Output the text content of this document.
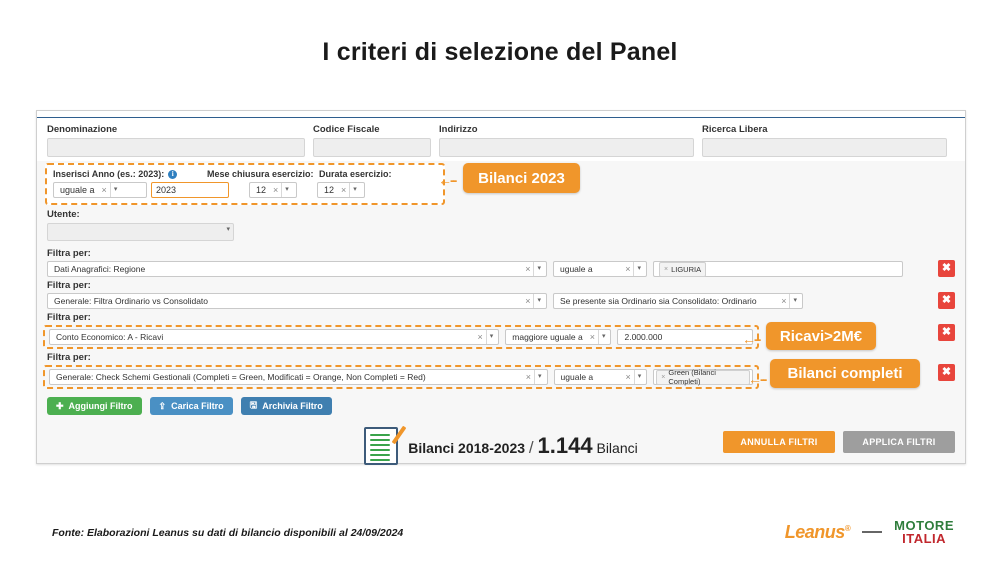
I criteri di selezione del Panel
Denominazione	Codice Fiscale	Indirizzo	Ricerca Libera
Inserisci Anno (es.: 2023):	i	Mese chiusura esercizio: Durata esercizio:
uguale a ×	▾	2023	12 ×	▾	12 ×	▾
Utente:
▾
Filtra per:
Dati Anagrafici: Regione	×	▾	uguale a	×	▾	× LIGURIA	✖
Filtra per:
Generale: Filtra Ordinario vs Consolidato	×	▾	Se presente sia Ordinario sia Consolidato: Ordinario	×	▾	✖
Filtra per:
Conto Economico: A - Ricavi	×	▾	maggiore uguale a ×	▾	2.000.000	✖
Filtra per:
Generale: Check Schemi Gestionali (Completi = Green, Modificati = Orange, Non Completi = Red)	×	▾	uguale a	×	▾	× Green (Bilanci Completi)
✖
✚ Aggiungi Filtro	⇪ Carica Filtro	🖫 Archivia Filtro
Bilanci 2018-2023 / 1.144 Bilanci	ANNULLA FILTRI	APPLICA FILTRI
←--	Bilanci 2023
←--	Ricavi>2M€
←--	Bilanci completi
Fonte: Elaborazioni Leanus su dati di bilancio disponibili al 24/09/2024	Leanus®	MOTORE
ITALIA
